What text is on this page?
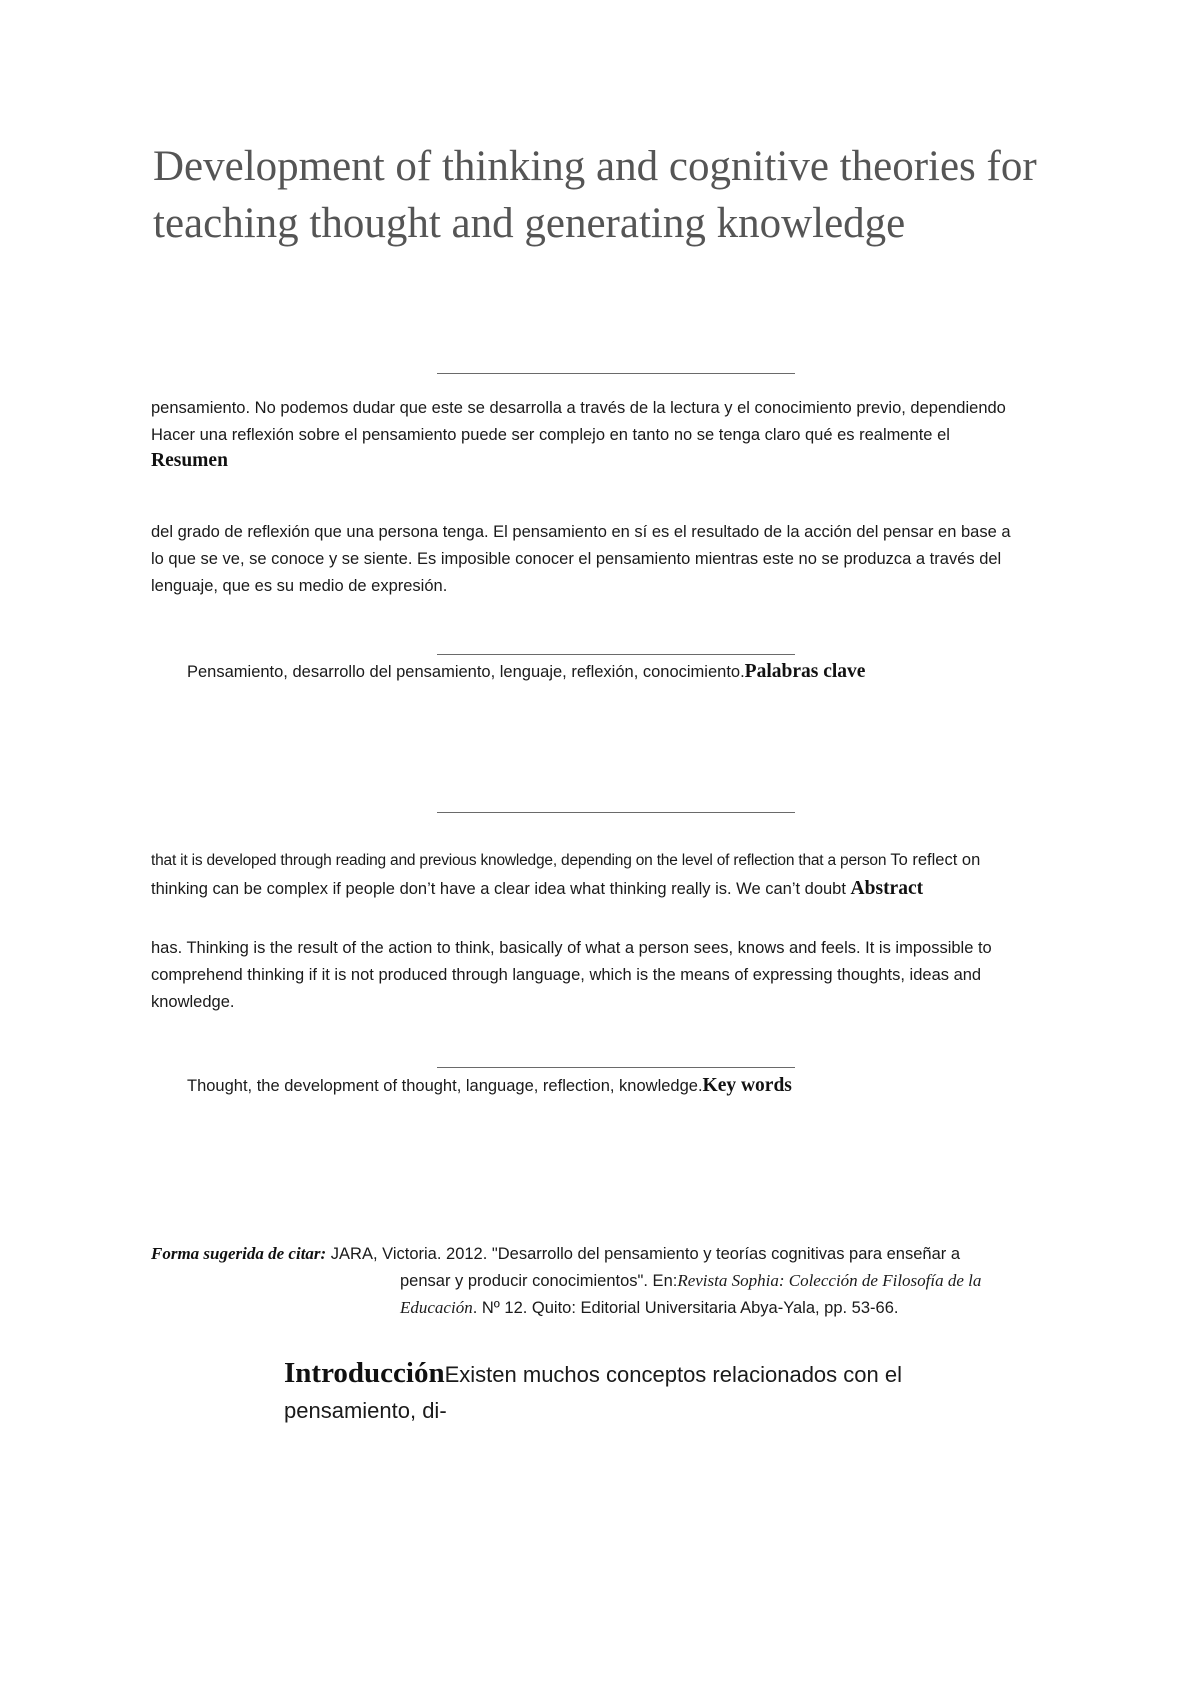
Development of thinking and cognitive theories for
teaching thought and generating knowledge
pensamiento. No podemos dudar que este se desarrolla a través de la lectura y el conocimiento previo, dependiendo
Hacer una reflexión sobre el pensamiento puede ser complejo en tanto no se tenga claro qué es realmente el
Resumen
del grado de reflexión que una persona tenga. El pensamiento en sí es el resultado de la acción del pensar en base a
lo que se ve, se conoce y se siente. Es imposible conocer el pensamiento mientras este no se produzca a través del
lenguaje, que es su medio de expresión.
Pensamiento, desarrollo del pensamiento, lenguaje, reflexión, conocimiento.Palabras clave
that it is developed through reading and previous knowledge, depending on the level of reflection that a person To reflect on
thinking can be complex if people don’t have a clear idea what thinking really is. We can’t doubt Abstract
has. Thinking is the result of the action to think, basically of what a person sees, knows and feels. It is impossible to
comprehend thinking if it is not produced through language, which is the means of expressing thoughts, ideas and
knowledge.
Thought, the development of thought, language, reflection, knowledge.Key words
Forma sugerida de citar: JARA, Victoria. 2012. "Desarrollo del pensamiento y teorías cognitivas para enseñar a
pensar y producir conocimientos". En:Revista Sophia: Colección de Filosofía de la
Educación. Nº 12. Quito: Editorial Universitaria Abya-Yala, pp. 53-66.
IntroducciónExisten muchos conceptos relacionados con el
pensamiento, di-
